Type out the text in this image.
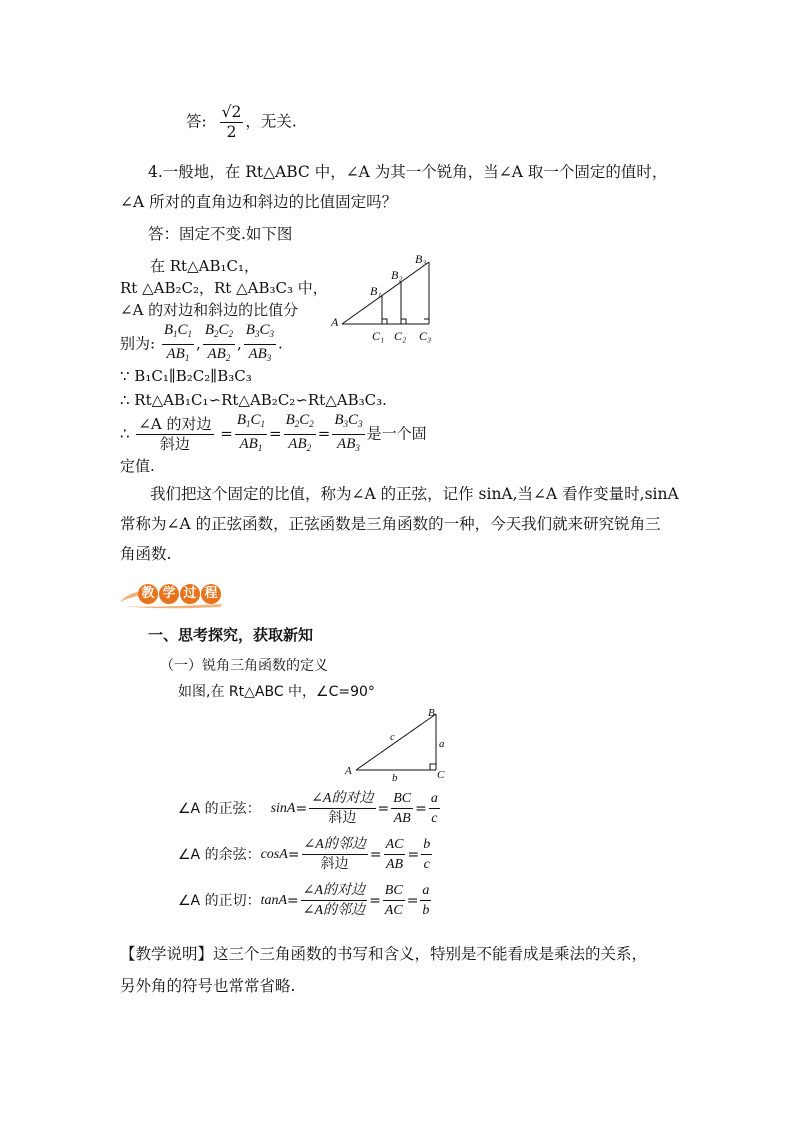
答: $\frac{√2}{2}$ ，无关.
4.一般地，在 Rt△ABC 中，∠A 为其一个锐角，当∠A 取一个固定的值时，
∠A 所对的直角边和斜边的比值固定吗？
答：固定不变.如下图
在 Rt△AB₁C₁，
Rt △AB₂C₂，Rt △AB₃C₃ 中，
∠A 的对边和斜边的比值分
别为: $\frac{B_1C_1}{AB_1}$ , $\frac{B_2C_2}{AB_2}$ , $\frac{B_3C_3}{AB_3}$ .
∵ B₁C₁∥B₂C₂∥B₃C₃
∴ Rt△AB₁C₁∽Rt△AB₂C₂∽Rt△AB₃C₃.
∴ $\frac{\text{∠A 的对边}}{\text{斜边}} = \frac{B_1C_1}{AB_1} = \frac{B_2C_2}{AB_2} = \frac{B_3C_3}{AB_3}$ 是一个固
定值.
A
B₁
B₂
B₃
C₁ C₂ C₃
我们把这个固定的比值，称为∠A 的正弦，记作 sinA,当∠A 看作变量时,sinA
常称为∠A 的正弦函数，正弦函数是三角函数的一种，今天我们就来研究锐角三
角函数.
教 学 过 程
一、思考探究，获取新知
（一）锐角三角函数的定义
如图,在 Rt△ABC 中，∠C=90°
A
B
C
a
b
c
∠A 的正弦： $\sin A = \frac{\text{∠A的对边}}{\text{斜边}} = \frac{BC}{AB} = \frac{a}{c}$
∠A 的余弦： $\cos A = \frac{\text{∠A的邻边}}{\text{斜边}} = \frac{AC}{AB} = \frac{b}{c}$
∠A 的正切： $\tan A = \frac{\text{∠A的对边}}{\text{∠A的邻边}} = \frac{BC}{AC} = \frac{a}{b}$
【教学说明】这三个三角函数的书写和含义，特别是不能看成是乘法的关系，
另外角的符号也常常省略.
